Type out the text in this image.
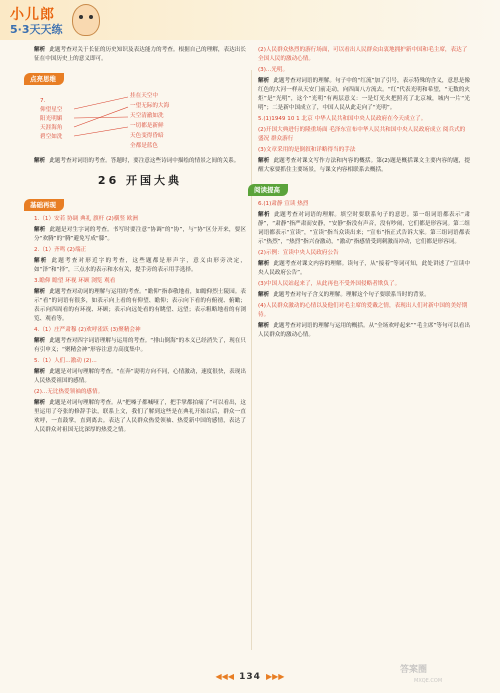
小儿郎
5·3天天练

解析 此题考查对关于长征的历史知识及表达能力的考查。根据自己的理解，表达出长征在中国历史上的意义即可。

点亮思维
7.
仰望星空
阳光明媚
天涯海角
碧空如洗
挂在天空中
一望无际的大海
天空清澈如洗
一切都是新鲜
天色变得昏暗
全都是蓝色

解析 此题考查对词语的考查。答题时，要注意这些诗词中描绘的情景之间的关系。

26 开国大典
基础再现
1.（1）安若 协调 典礼 旗杆 (2)横竖 欧洲

解析 此题是对生字词的考查。书写时要注意“协调”的“协”，与“协”区分开来，要区分“欢腾”的“腾”避免写成“滕”。

2.（1）齐鸣 (2)端正

解析 此题考查对形近字的考查，这些题都是形声字，意义由形旁决定，如“泽”和“择”，三点水的表示和水有关，提手旁的表示用手选择。

3.瞻仰 瞻望 环视 环顾 浏览 观看

解析 此题考查对动词的理解与运用的考查。“瞻仰”指恭敬地看，如瞻仰烈士陵园。表示“看”的词语有很多，如表示向上看的有仰望、瞻仰；表示向下看的有俯视、俯瞰；表示向四周看的有环视、环顾；表示向远处看的有眺望、远望；表示粗略地看的有浏览、观看等。

4.（1）庄严肃穆 (2)欢呼雀跃 (3)聚精会神

解析 此题考查对四字词语理解与运用的考查。“排山倒海”的本义已经消失了，现在只有引申义；“聚精会神”形容注意力高度集中。

5.（1）人们...激动 (2)...

解析 此题是对词句理解的考查。“在奔”说明方向不同，心情激动，速度很快，表现出人民热爱祖国的感情。

(2)...无比热爱领袖的感情。

解析 此题是对词句理解的考查。从“把嗓子都喊哑了，把手掌都拍痛了”可以看出，这里运用了夸张的修辞手法，联系上文，我们了解到这些是在典礼开始以后，群众一直欢呼，一直鼓掌，直到离去。表达了人民群众热爱领袖、热爱新中国的感情，表达了人民群众对祖国无比深厚的热爱之情。

(2)人民群众热烈的游行场面，可以看出人民群众由衷地拥护新中国和毛主席，表达了全国人民的激动心情。
(3)...光明。

解析 此题考查对词语的理解。句子中的“红流”加了引号，表示特殊的含义，意思是像红色的大河一样从天安门前走动，向四面八方流去。“红”代表光明和希望，“无数的火炬”是“光明”，这个“光明”有两层意义：一是灯光火把照亮了北京城，城内一片“光明”；二是新中国成立了，中国人民从此走向了“光明”。

5.(1)1949 10 1 北京 中华人民共和国中央人民政府在今天成立了。
(2)开国大典进行的隆重场面 毛泽东宣布中华人民共和国中央人民政府成立 阅兵式的盛况 群众游行
(3)文章采用的是倒叙和详略得当的手法

解析 此题考查对课文写作方法和内容的概括。第(2)题是概括课文主要内容的题，提醒大家要抓住主要场景，与课文内容相联系去概括。

阅读提高
6.(1)肃静 宣读 热烈

解析 此题考查对词语的理解。填空时要联系句子的意思。第一组词语都表示“肃静”，“肃静”指严肃而安静，“安静”指没有声音，没有吵闹，它们都是形容词。第二组词语都表示“宣读”，“宣读”指当众读出来；“宣布”指正式告诉大家。第三组词语都表示“热烈”，“热烈”指兴奋激动，“激动”指感情受到刺激而冲动，它们都是形容词。

(2)示例：宣读中央人民政府公告

解析 此题考查对课文内容的理解。读句子，从“接着”等词可知，此处讲述了“宣读中央人民政府公告”。

(3)中国人民站起来了，从此再也不受外国侵略者欺负了。

解析 此题考查对句子含义的理解。理解这个句子要联系当时的背景。

(4)人民群众激动的心情以及他们对毛主席的爱戴之情，表现出人们对新中国的美好期待。

解析 此题考查对词语的理解与运用的概括。从“全场欢呼起来”“毛主席”等句可以看出人民群众的激动心情。

◀◀◀ 134 ▶▶▶
答案圈
MXQE.COM
